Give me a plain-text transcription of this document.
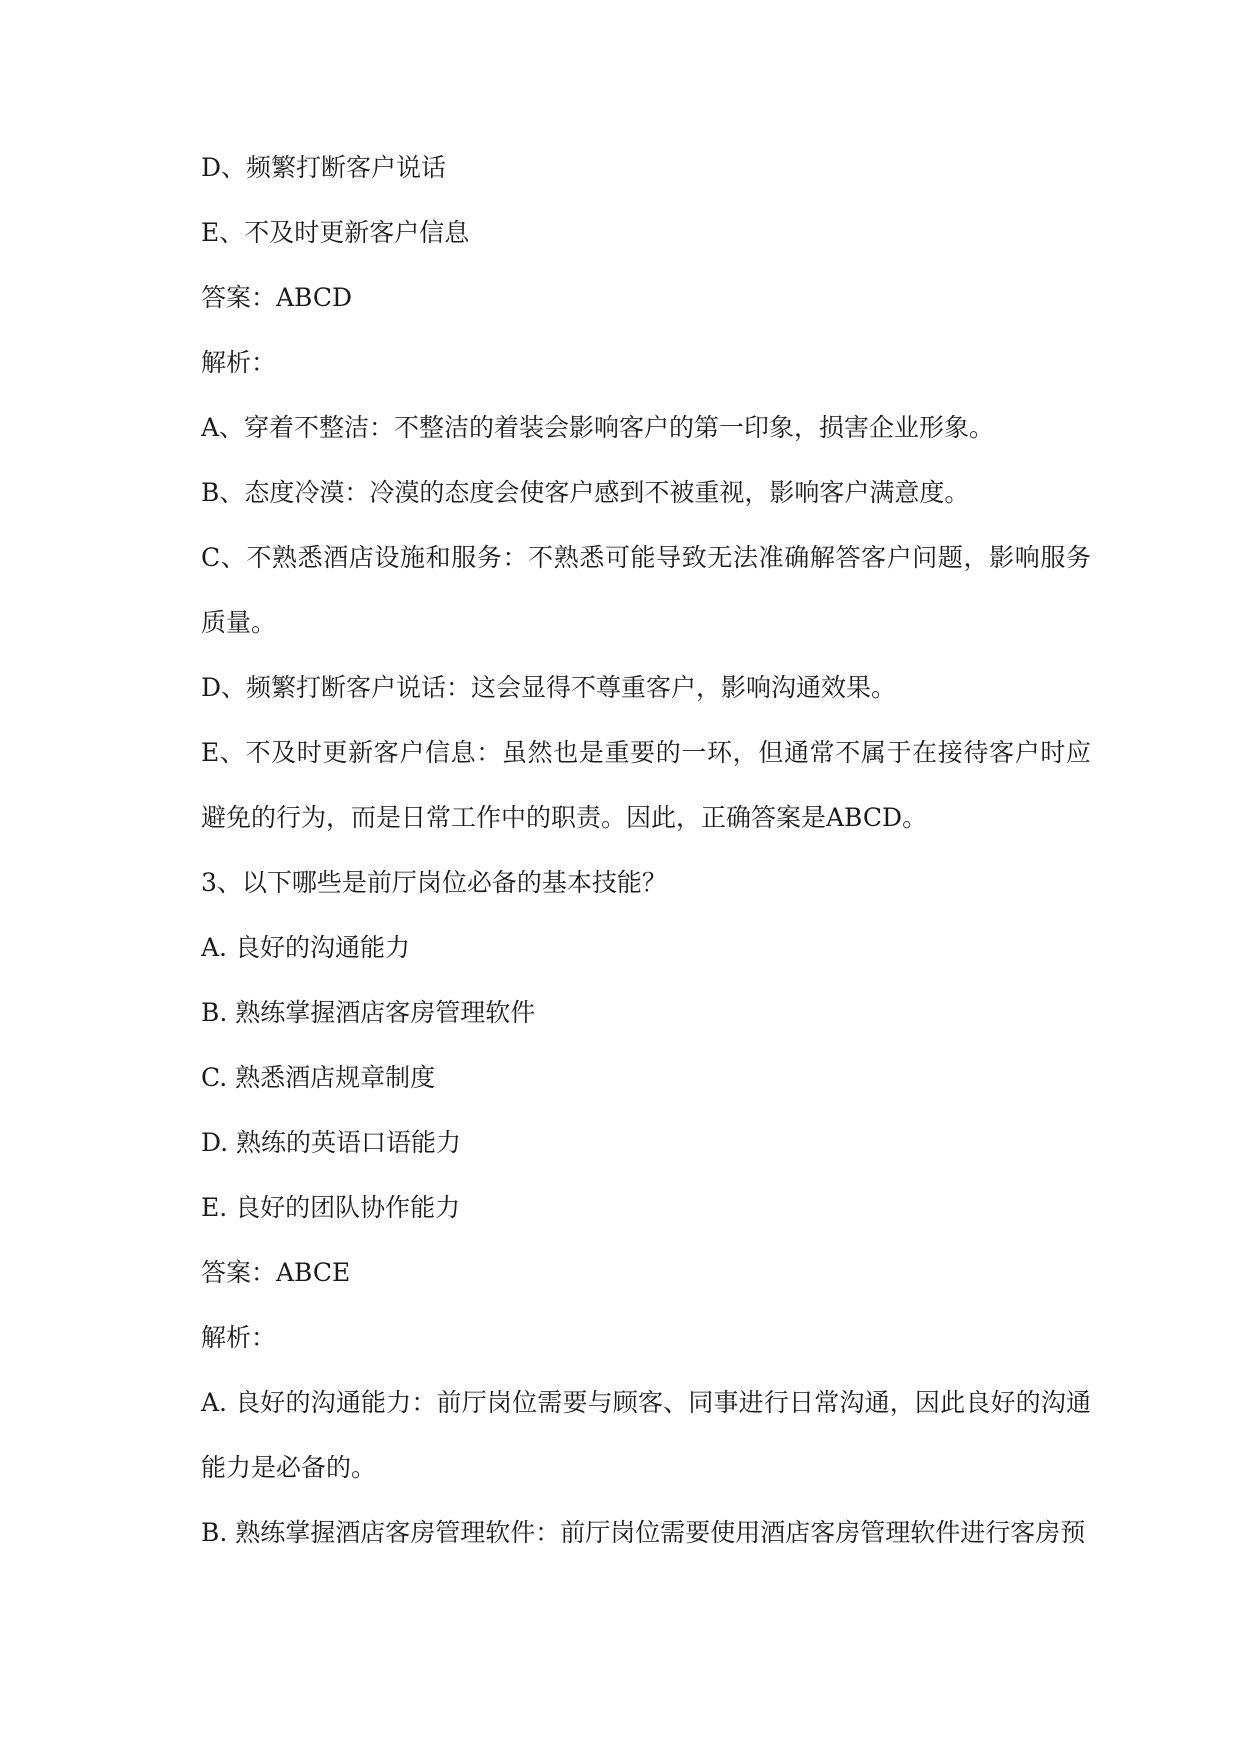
D、频繁打断客户说话
E、不及时更新客户信息
答案：ABCD
解析：
A、穿着不整洁：不整洁的着装会影响客户的第一印象，损害企业形象。
B、态度冷漠：冷漠的态度会使客户感到不被重视，影响客户满意度。
C、不熟悉酒店设施和服务：不熟悉可能导致无法准确解答客户问题，影响服务质量。
D、频繁打断客户说话：这会显得不尊重客户，影响沟通效果。
E、不及时更新客户信息：虽然也是重要的一环，但通常不属于在接待客户时应避免的行为，而是日常工作中的职责。因此，正确答案是ABCD。
3、以下哪些是前厅岗位必备的基本技能？
A. 良好的沟通能力
B. 熟练掌握酒店客房管理软件
C. 熟悉酒店规章制度
D. 熟练的英语口语能力
E. 良好的团队协作能力
答案：ABCE
解析：
A. 良好的沟通能力：前厅岗位需要与顾客、同事进行日常沟通，因此良好的沟通能力是必备的。
B. 熟练掌握酒店客房管理软件：前厅岗位需要使用酒店客房管理软件进行客房预
